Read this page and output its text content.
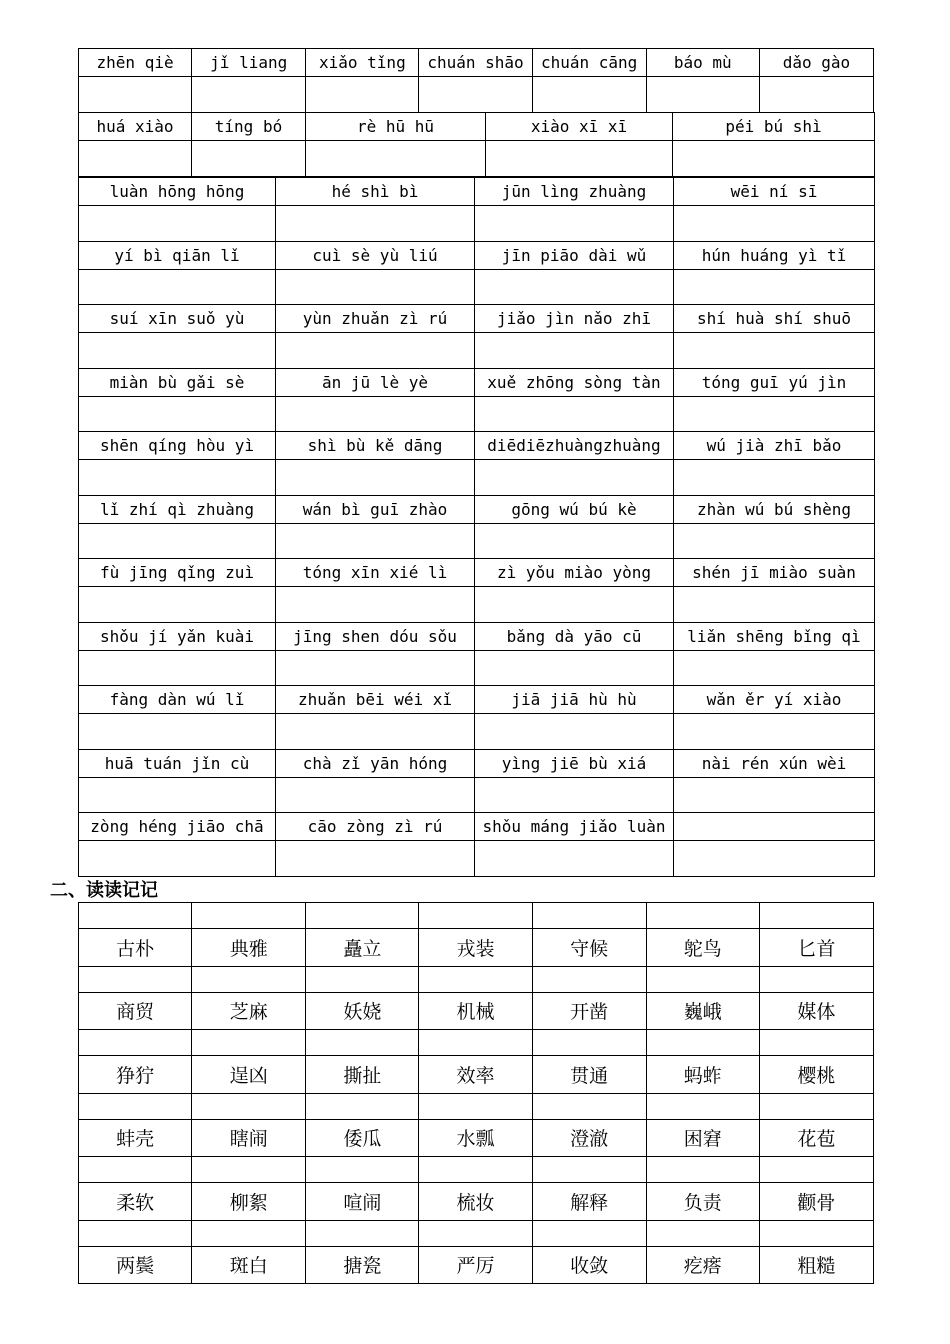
zhēn qiè	jǐ liang	xiǎo tǐng	chuán shāo	chuán cāng	báo mù	dǎo gào

huá xiào	tíng bó	rè hū hū	xiào xī xī	péi bú shì

luàn hōng hōng	hé shì bì	jūn lìng zhuàng	wēi ní sī

yí bì qiān lǐ	cuì sè yù liú	jīn piāo dài wǔ	hún huáng yì tǐ

suí xīn suǒ yù	yùn zhuǎn zì rú	jiǎo jìn nǎo zhī	shí huà shí shuō

miàn bù gǎi sè	ān jū lè yè	xuě zhōng sòng tàn	tóng guī yú jìn

shēn qíng hòu yì	shì bù kě dāng	diēdiēzhuàngzhuàng	wú jià zhī bǎo

lǐ zhí qì zhuàng	wán bì guī zhào	gōng wú bú kè	zhàn wú bú shèng

fù jīng qǐng zuì	tóng xīn xié lì	zì yǒu miào yòng	shén jī miào suàn

shǒu jí yǎn kuài	jīng shen dóu sǒu	bǎng dà yāo cū	liǎn shēng bǐng qì

fàng dàn wú lǐ	zhuǎn bēi wéi xǐ	jiā jiā hù hù	wǎn ěr yí xiào

huā tuán jǐn cù	chà zǐ yān hóng	yìng jiē bù xiá	nài rén xún wèi

zòng héng jiāo chā	cāo zòng zì rú	shǒu máng jiǎo luàn	

二、读读记记

古朴	典雅	矗立	戎装	守候	鸵鸟	匕首

商贸	芝麻	妖娆	机械	开凿	巍峨	媒体

狰狞	逞凶	撕扯	效率	贯通	蚂蚱	樱桃

蚌壳	瞎闹	倭瓜	水瓢	澄澈	困窘	花苞

柔软	柳絮	喧闹	梳妆	解释	负责	颧骨

两鬓	斑白	搪瓷	严厉	收敛	疙瘩	粗糙
